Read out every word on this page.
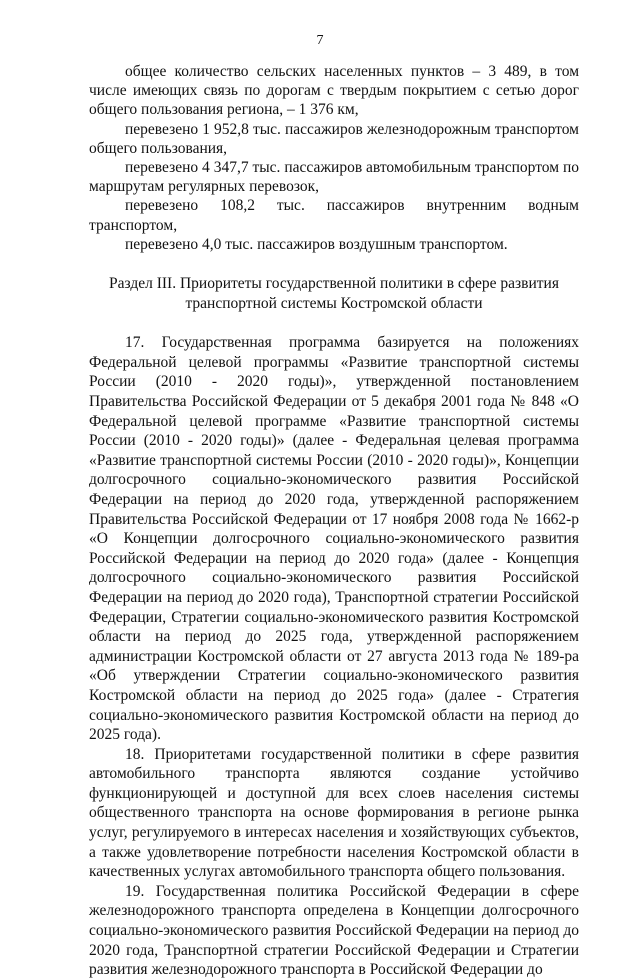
7

общее количество сельских населенных пунктов – 3 489, в том числе имеющих связь по дорогам с твердым покрытием с сетью дорог общего пользования региона, – 1 376 км,

перевезено 1 952,8 тыс. пассажиров железнодорожным транспортом общего пользования,

перевезено 4 347,7 тыс. пассажиров автомобильным транспортом по маршрутам регулярных перевозок,

перевезено 108,2 тыс. пассажиров внутренним водным транспортом,

перевезено 4,0 тыс. пассажиров воздушным транспортом.

Раздел III. Приоритеты государственной политики в сфере развития
транспортной системы Костромской области

17. Государственная программа базируется на положениях Федеральной целевой программы «Развитие транспортной системы России (2010 - 2020 годы)», утвержденной постановлением Правительства Российской Федерации от 5 декабря 2001 года № 848 «О Федеральной целевой программе «Развитие транспортной системы России (2010 - 2020 годы)» (далее - Федеральная целевая программа «Развитие транспортной системы России (2010 - 2020 годы)», Концепции долгосрочного социально-экономического развития Российской Федерации на период до 2020 года, утвержденной распоряжением Правительства Российской Федерации от 17 ноября 2008 года № 1662-р «О Концепции долгосрочного социально-экономического развития Российской Федерации на период до 2020 года» (далее - Концепция долгосрочного социально-экономического развития Российской Федерации на период до 2020 года), Транспортной стратегии Российской Федерации, Стратегии социально-экономического развития Костромской области на период до 2025 года, утвержденной распоряжением администрации Костромской области от 27 августа 2013 года № 189-ра «Об утверждении Стратегии социально-экономического развития Костромской области на период до 2025 года» (далее - Стратегия социально-экономического развития Костромской области на период до 2025 года).

18. Приоритетами государственной политики в сфере развития автомобильного транспорта являются создание устойчиво функционирующей и доступной для всех слоев населения системы общественного транспорта на основе формирования в регионе рынка услуг, регулируемого в интересах населения и хозяйствующих субъектов, а также удовлетворение потребности населения Костромской области в качественных услугах автомобильного транспорта общего пользования.

19. Государственная политика Российской Федерации в сфере железнодорожного транспорта определена в Концепции долгосрочного социально-экономического развития Российской Федерации на период до 2020 года, Транспортной стратегии Российской Федерации и Стратегии развития железнодорожного транспорта в Российской Федерации до
